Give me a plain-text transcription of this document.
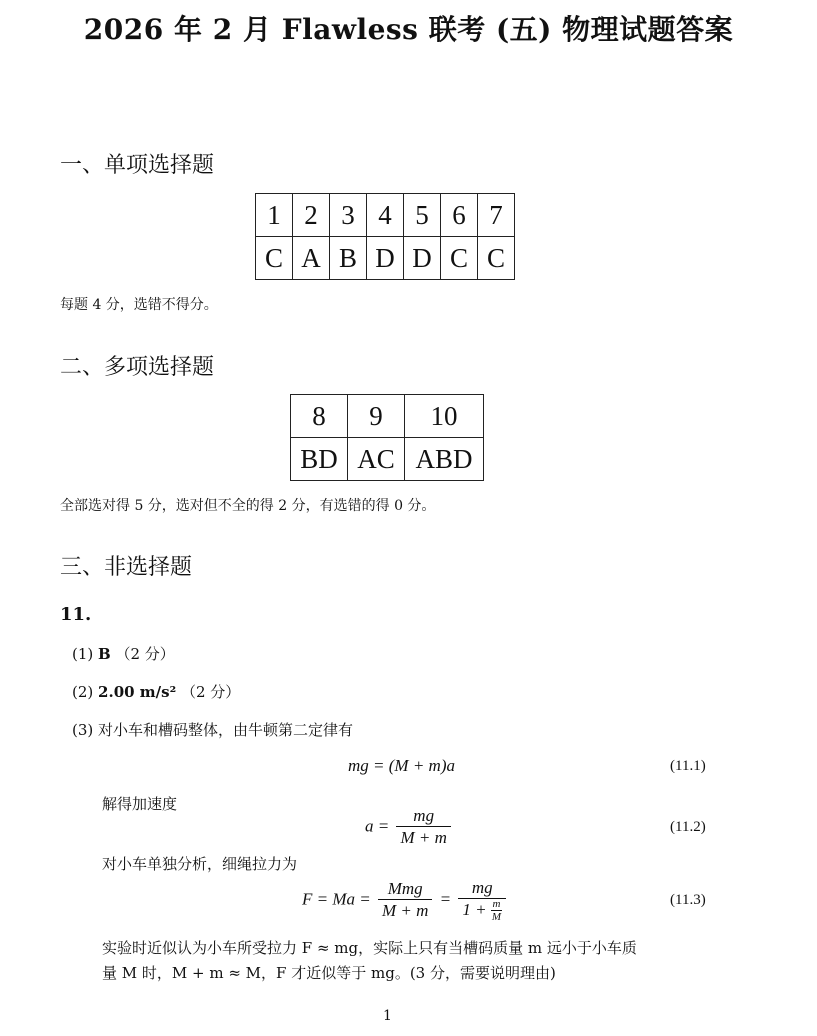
2026 年 2 月 Flawless 联考 (五) 物理试题答案
一、单项选择题
1	2	3	4	5	6	7
C	A	B	D	D	C	C
每题 4 分，选错不得分。
二、多项选择题
8	9	10
BD	AC	ABD
全部选对得 5 分，选对但不全的得 2 分，有选错的得 0 分。
三、非选择题
11.
(1) B （2 分）
(2) 2.00 m/s² （2 分）
(3) 对小车和槽码整体，由牛顿第二定律有
mg = (M + m)a	(11.1)
解得加速度
$a = \frac{mg}{M + m}$	(11.2)
对小车单独分析，细绳拉力为
$F = Ma = \frac{\text{Mmg}}{M + m} = \frac{mg}{1 + \frac{m}{M}}$	(11.3)
实验时近似认为小车所受拉力 F ≈ mg，实际上只有当槽码质量 m 远小于小车质
量 M 时，M + m ≈ M，F 才近似等于 mg。(3 分，需要说明理由)
1
